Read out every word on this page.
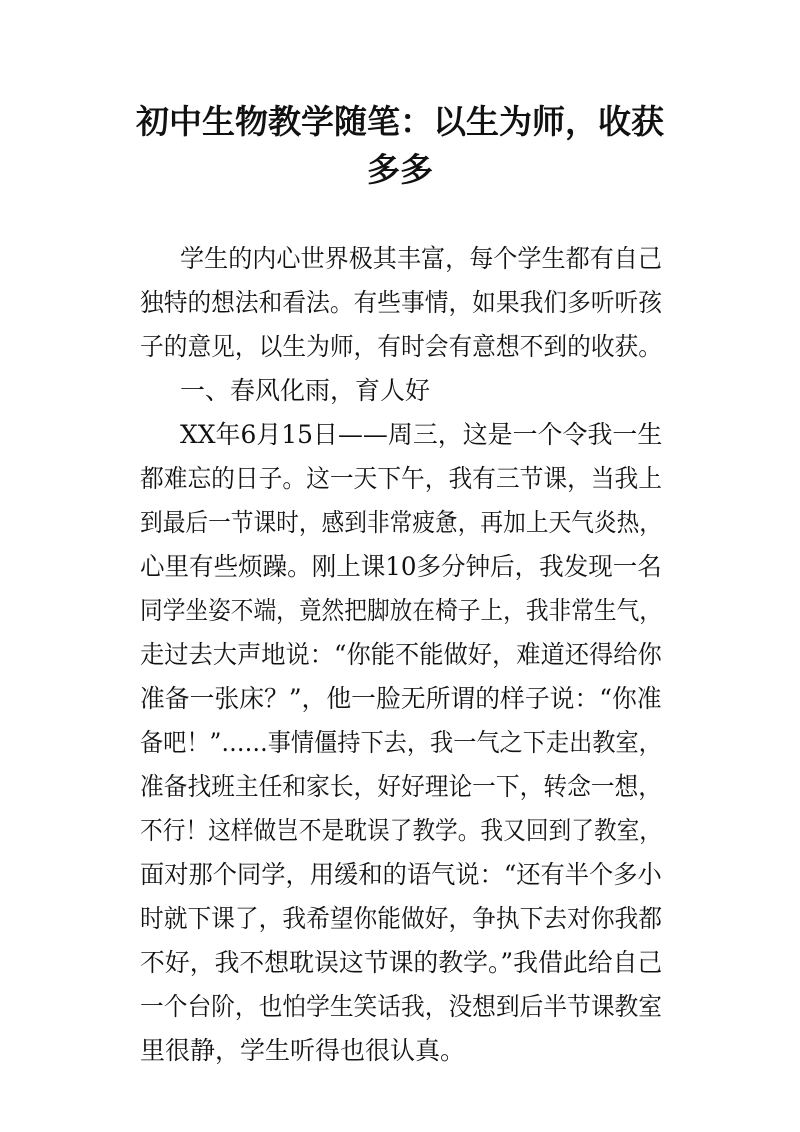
初中生物教学随笔：以生为师，收获
多多
学生的内心世界极其丰富，每个学生都有自己
独特的想法和看法。有些事情，如果我们多听听孩
子的意见，以生为师，有时会有意想不到的收获。
一、春风化雨，育人好
XX年6月15日——周三，这是一个令我一生
都难忘的日子。这一天下午，我有三节课，当我上
到最后一节课时，感到非常疲惫，再加上天气炎热，
心里有些烦躁。刚上课10多分钟后，我发现一名
同学坐姿不端，竟然把脚放在椅子上，我非常生气，
走过去大声地说：“你能不能做好，难道还得给你
准备一张床？”，他一脸无所谓的样子说：“你准
备吧！”……事情僵持下去，我一气之下走出教室，
准备找班主任和家长，好好理论一下，转念一想，
不行！这样做岂不是耽误了教学。我又回到了教室，
面对那个同学，用缓和的语气说：“还有半个多小
时就下课了，我希望你能做好，争执下去对你我都
不好，我不想耽误这节课的教学。”我借此给自己
一个台阶，也怕学生笑话我，没想到后半节课教室
里很静，学生听得也很认真。
